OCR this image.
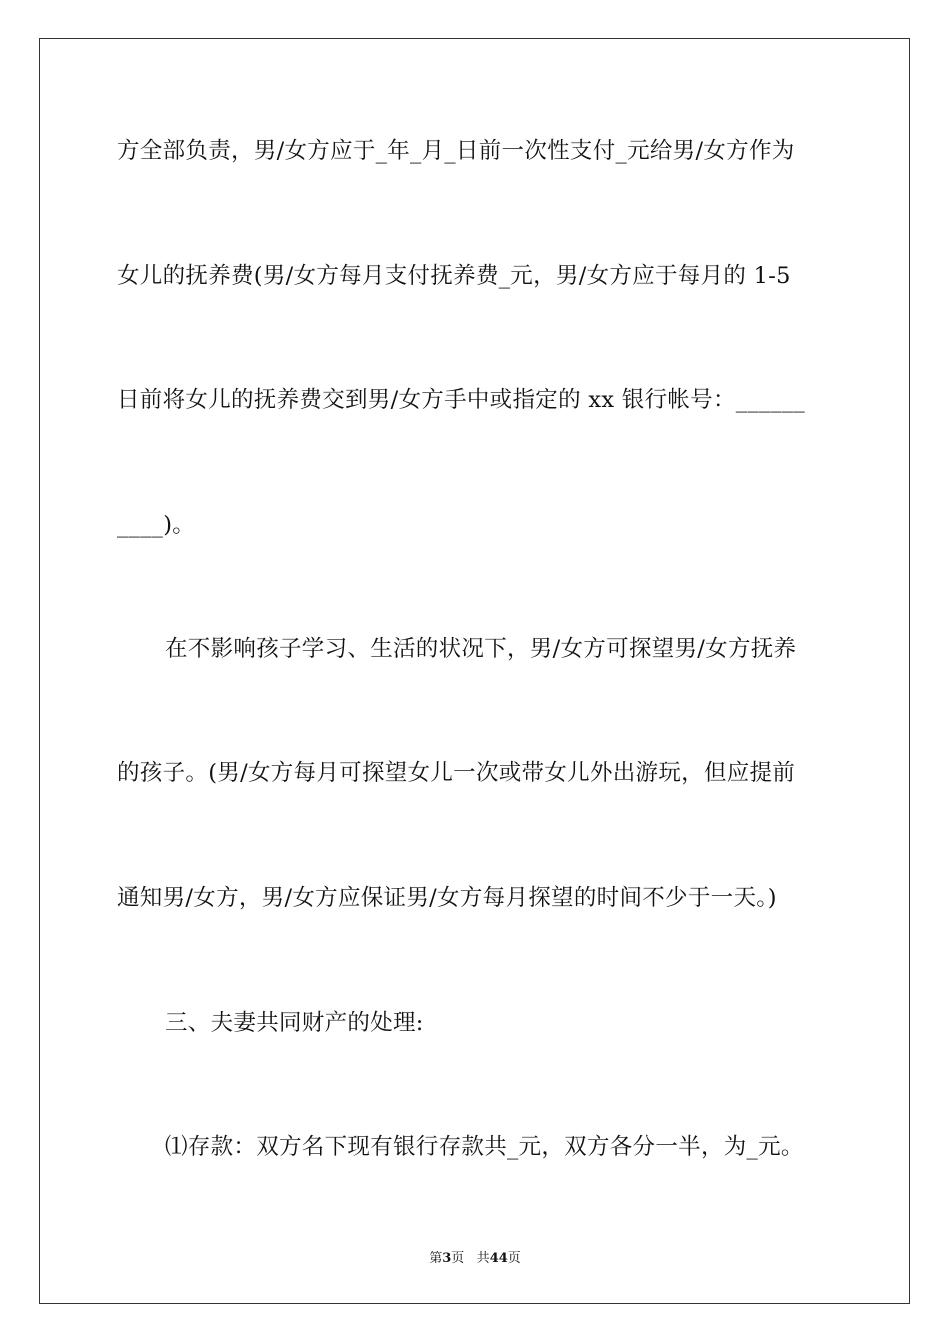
方全部负责，男/女方应于_年_月_日前一次性支付_元给男/女方作为
女儿的抚养费(男/女方每月支付抚养费_元，男/女方应于每月的 1-5
日前将女儿的抚养费交到男/女方手中或指定的 xx 银行帐号：______
____)。
在不影响孩子学习、生活的状况下，男/女方可探望男/女方抚养
的孩子。(男/女方每月可探望女儿一次或带女儿外出游玩，但应提前
通知男/女方，男/女方应保证男/女方每月探望的时间不少于一天。)
三、夫妻共同财产的处理:
⑴存款：双方名下现有银行存款共_元，双方各分一半，为_元。
第3页 共44页
